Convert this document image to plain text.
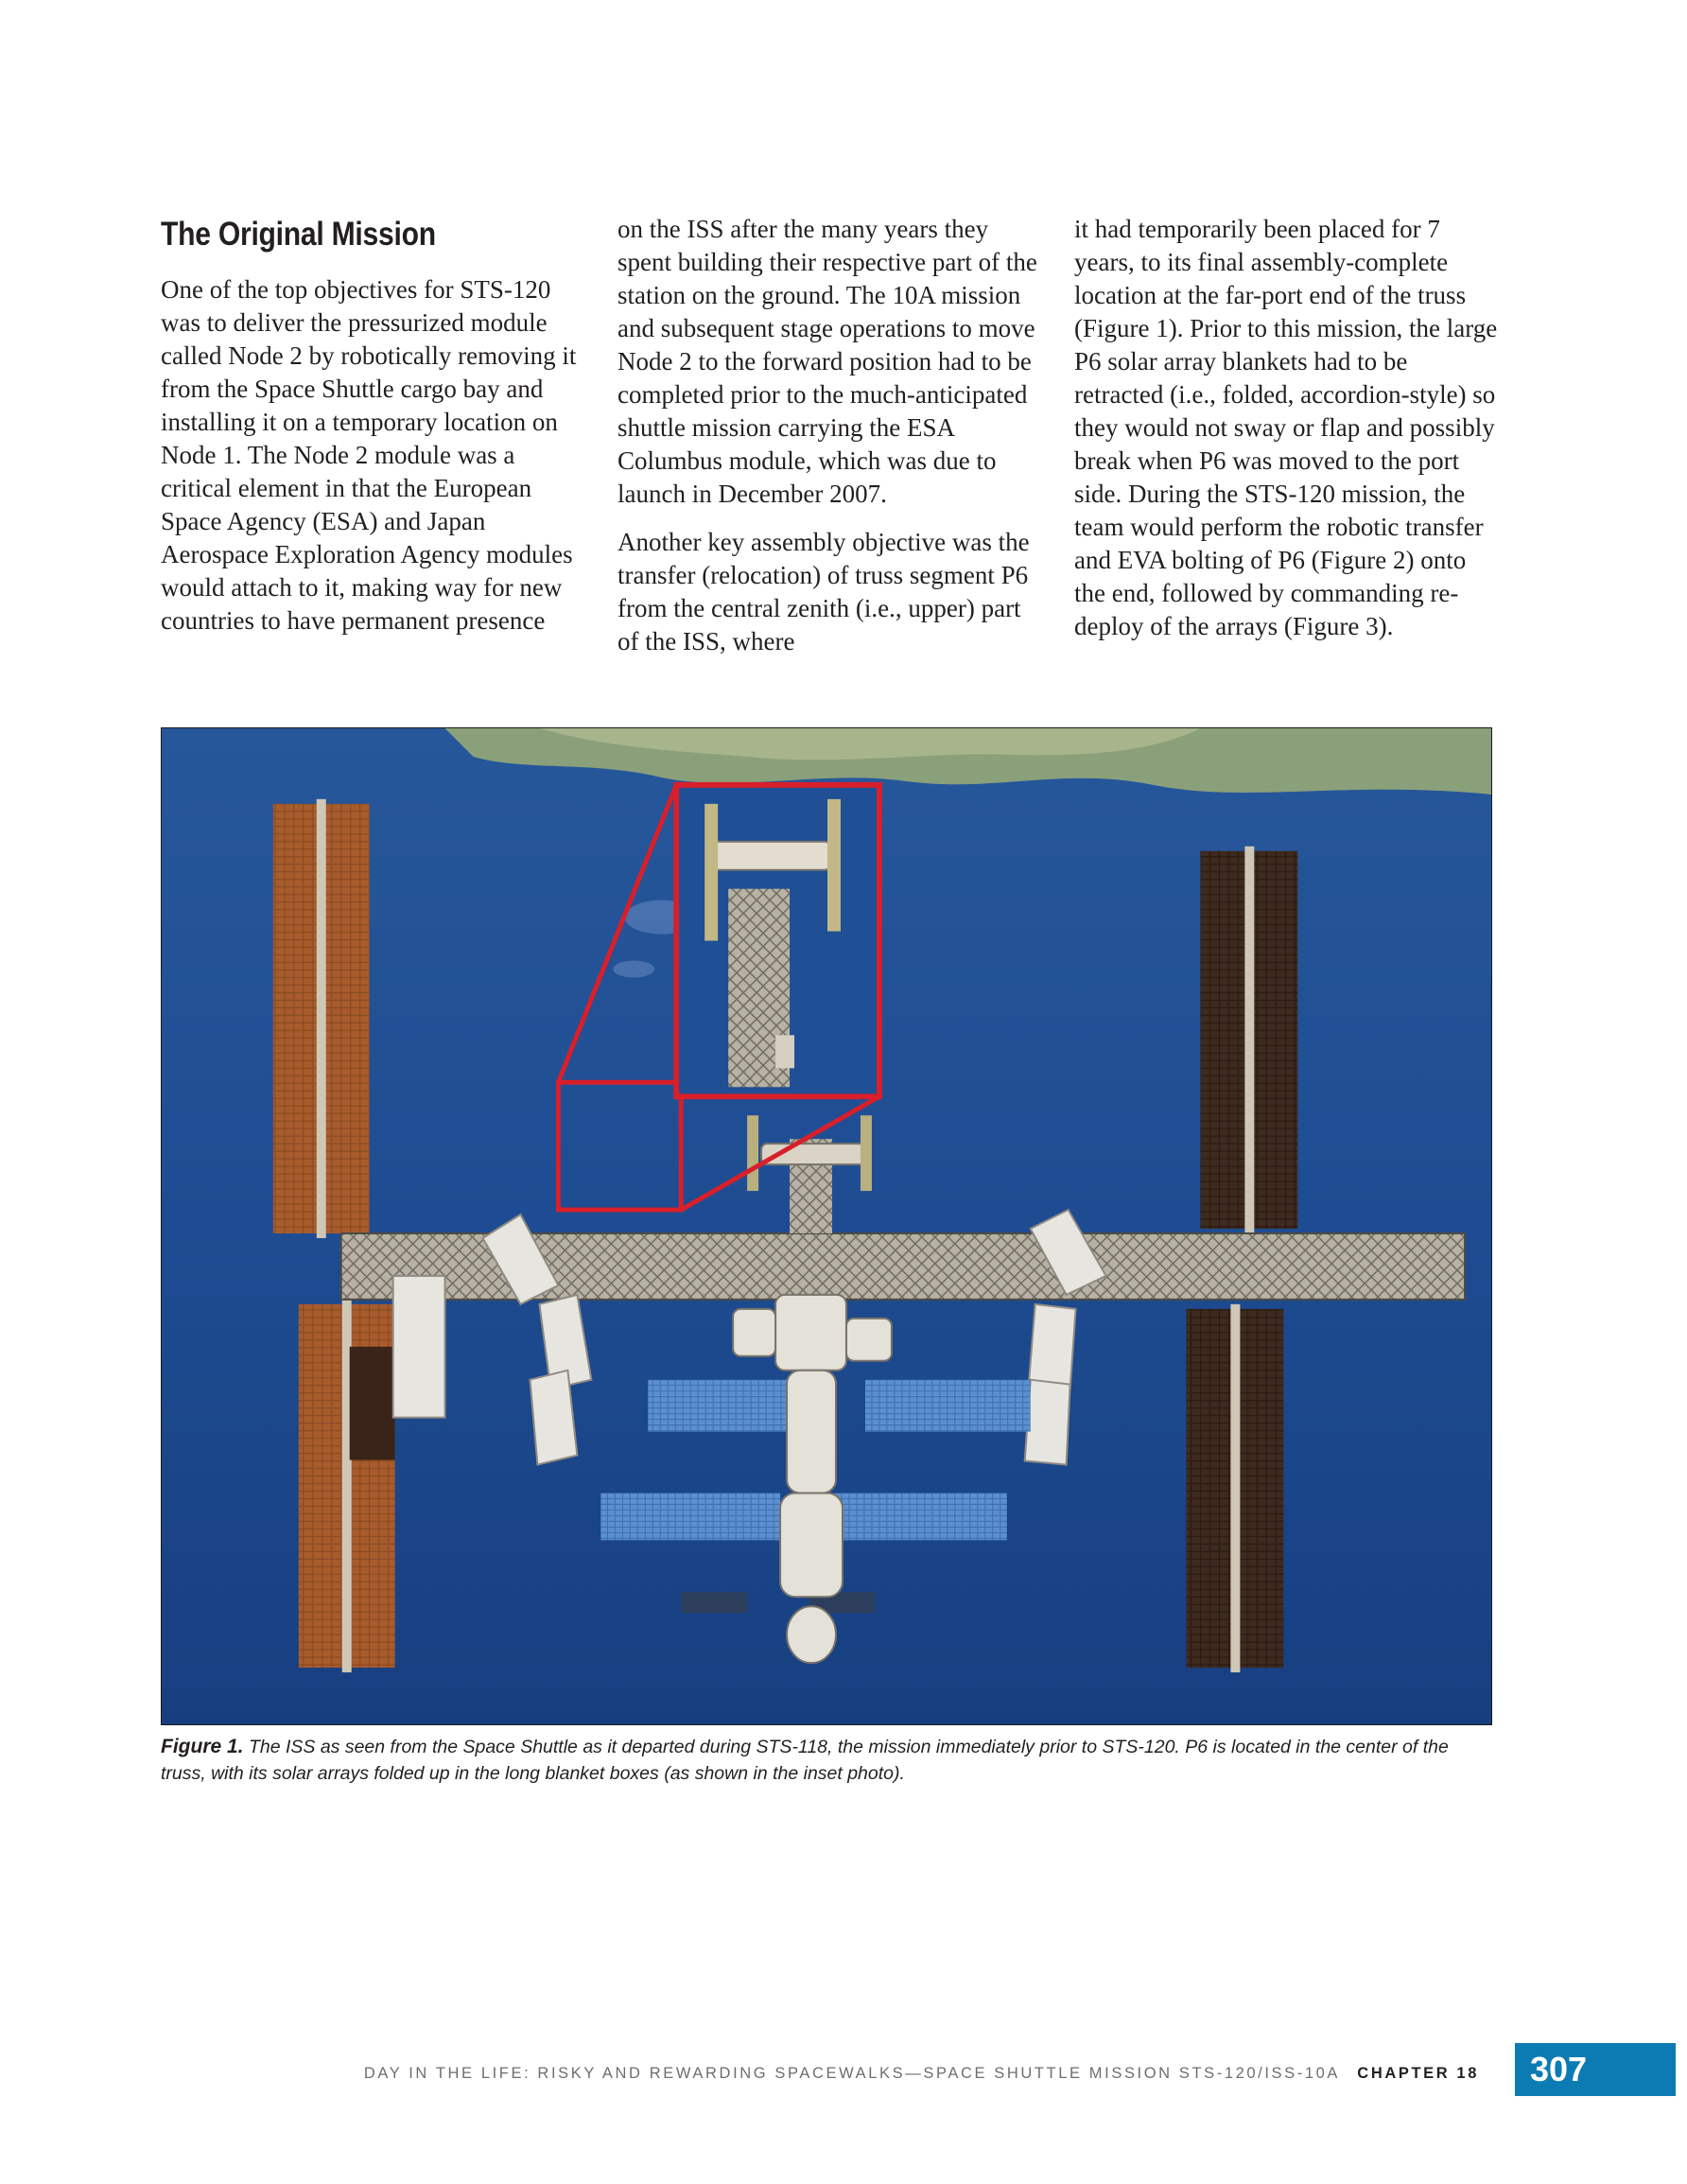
The Original Mission

One of the top objectives for STS-120 was to deliver the pressurized module called Node 2 by robotically removing it from the Space Shuttle cargo bay and installing it on a temporary location on Node 1. The Node 2 module was a critical element in that the European Space Agency (ESA) and Japan Aerospace Exploration Agency modules would attach to it, making way for new countries to have permanent presence

on the ISS after the many years they spent building their respective part of the station on the ground. The 10A mission and subsequent stage operations to move Node 2 to the forward position had to be completed prior to the much-anticipated shuttle mission carrying the ESA Columbus module, which was due to launch in December 2007.

Another key assembly objective was the transfer (relocation) of truss segment P6 from the central zenith (i.e., upper) part of the ISS, where

it had temporarily been placed for 7 years, to its final assembly-complete location at the far-port end of the truss (Figure 1). Prior to this mission, the large P6 solar array blankets had to be retracted (i.e., folded, accordion-style) so they would not sway or flap and possibly break when P6 was moved to the port side. During the STS-120 mission, the team would perform the robotic transfer and EVA bolting of P6 (Figure 2) onto the end, followed by commanding re-deploy of the arrays (Figure 3).

Figure 1. The ISS as seen from the Space Shuttle as it departed during STS-118, the mission immediately prior to STS-120. P6 is located in the center of the truss, with its solar arrays folded up in the long blanket boxes (as shown in the inset photo).
DAY IN THE LIFE: RISKY AND REWARDING SPACEWALKS—SPACE SHUTTLE MISSION STS-120/ISS-10A CHAPTER 18	307
